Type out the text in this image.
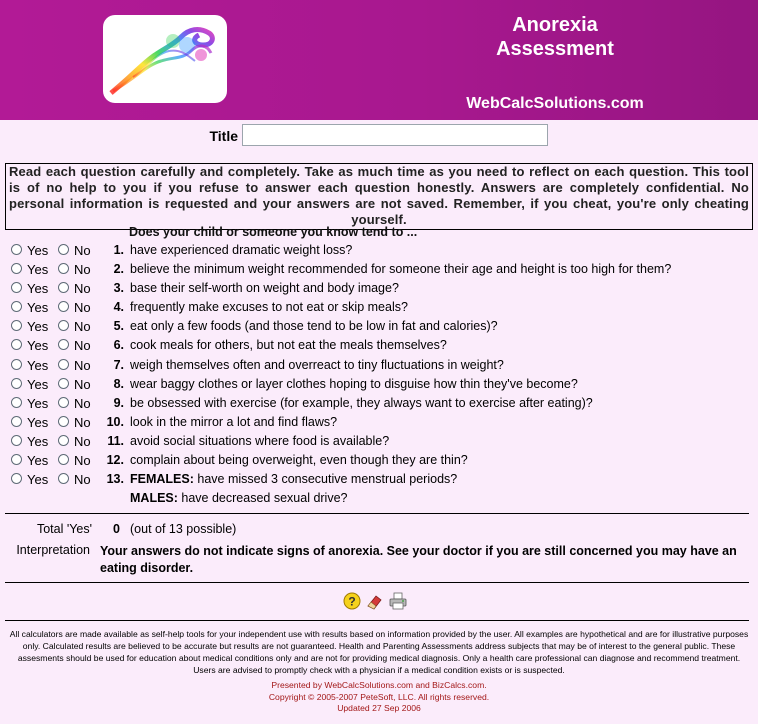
Anorexia
Assessment
WebCalcSolutions.com
Title
Read each question carefully and completely. Take as much time as you need to reflect on each question. This tool is of no help to you if you refuse to answer each question honestly. Answers are completely confidential. No personal information is requested and your answers are not saved. Remember, if you cheat, you're only cheating yourself.
Does your child or someone you know tend to ...
Yes No	1. have experienced dramatic weight loss?
Yes No	2. believe the minimum weight recommended for someone their age and height is too high for them?
Yes No	3. base their self-worth on weight and body image?
Yes No	4. frequently make excuses to not eat or skip meals?
Yes No	5. eat only a few foods (and those tend to be low in fat and calories)?
Yes No	6. cook meals for others, but not eat the meals themselves?
Yes No	7. weigh themselves often and overreact to tiny fluctuations in weight?
Yes No	8. wear baggy clothes or layer clothes hoping to disguise how thin they've become?
Yes No	9. be obsessed with exercise (for example, they always want to exercise after eating)?
Yes No	10. look in the mirror a lot and find flaws?
Yes No	11. avoid social situations where food is available?
Yes No	12. complain about being overweight, even though they are thin?
Yes No	13. FEMALES: have missed 3 consecutive menstrual periods?
MALES: have decreased sexual drive?
Total 'Yes' 0 (out of 13 possible)
Interpretation Your answers do not indicate signs of anorexia. See your doctor if you are still concerned you may have an eating disorder.
?
All calculators are made available as self-help tools for your independent use with results based on information provided by the user. All examples are hypothetical and are for illustrative purposes only. Calculated results are believed to be accurate but results are not guaranteed. Health and Parenting Assessments address subjects that may be of interest to the general public. These assesments should be used for education about medical conditions only and are not for providing medical diagnosis. Only a health care professional can diagnose and recommend treatment. Users are advised to promptly check with a physician if a medical condition exists or is suspected.
Presented by WebCalcSolutions.com and BizCalcs.com.
Copyright © 2005-2007 PeteSoft, LLC. All rights reserved.
Updated 27 Sep 2006
